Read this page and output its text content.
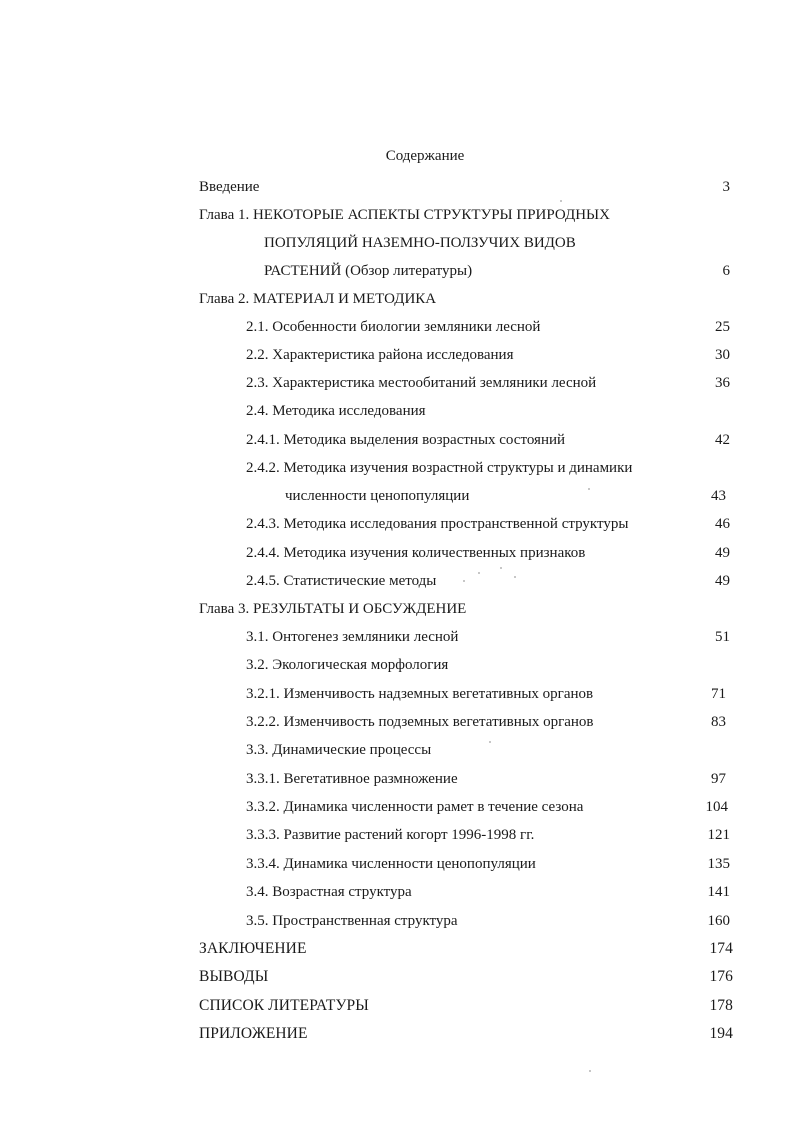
Содержание
Введение	3
Глава 1. НЕКОТОРЫЕ АСПЕКТЫ СТРУКТУРЫ ПРИРОДНЫХ
ПОПУЛЯЦИЙ НАЗЕМНО-ПОЛЗУЧИХ ВИДОВ
РАСТЕНИЙ (Обзор литературы)	6
Глава 2. МАТЕРИАЛ И МЕТОДИКА
2.1. Особенности биологии земляники лесной	25
2.2. Характеристика района исследования	30
2.3. Характеристика местообитаний земляники лесной	36
2.4. Методика исследования
2.4.1. Методика выделения возрастных состояний	42
2.4.2. Методика изучения возрастной структуры и динамики
численности ценопопуляции	43
2.4.3. Методика исследования пространственной структуры	46
2.4.4. Методика изучения количественных признаков	49
2.4.5. Статистические методы	49
Глава 3. РЕЗУЛЬТАТЫ И ОБСУЖДЕНИЕ
3.1. Онтогенез земляники лесной	51
3.2. Экологическая морфология
3.2.1. Изменчивость надземных вегетативных органов	71
3.2.2. Изменчивость подземных вегетативных органов	83
3.3. Динамические процессы
3.3.1. Вегетативное размножение	97
3.3.2. Динамика численности рамет в течение сезона	104
3.3.3. Развитие растений когорт 1996-1998 гг.	121
3.3.4. Динамика численности ценопопуляции	135
3.4. Возрастная структура	141
3.5. Пространственная структура	160
ЗАКЛЮЧЕНИЕ	174
ВЫВОДЫ	176
СПИСОК ЛИТЕРАТУРЫ	178
ПРИЛОЖЕНИЕ	194
